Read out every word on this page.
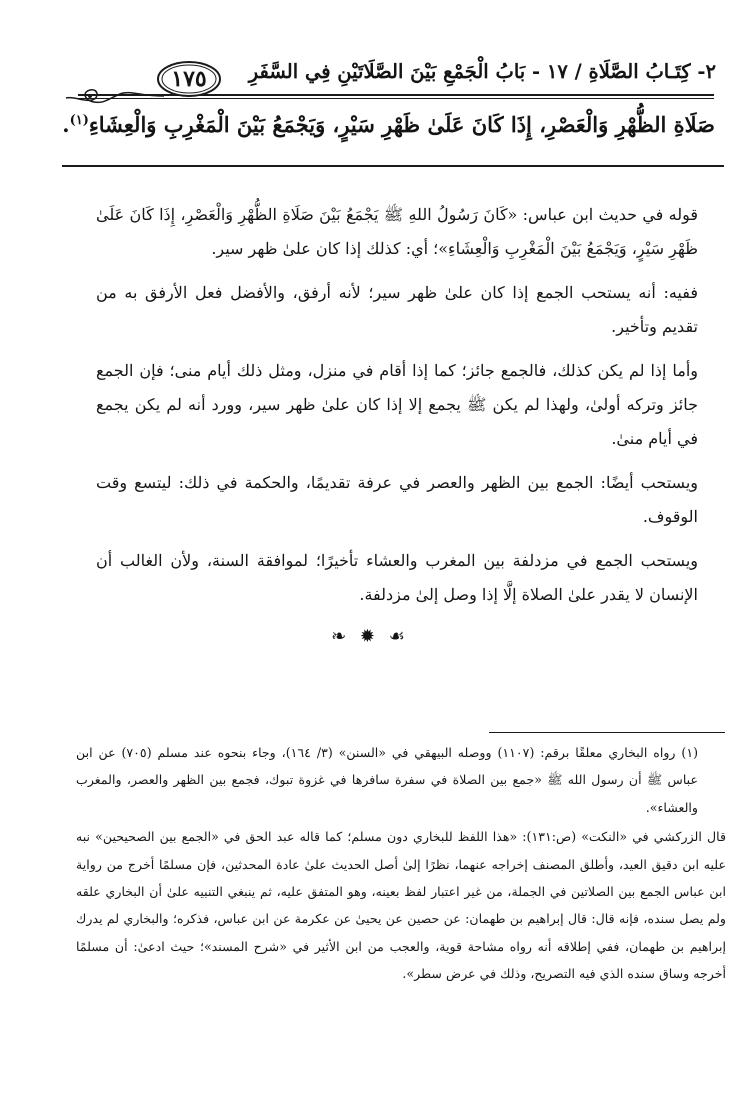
١٧٥	٢- كِتَـابُ الصَّلَاةِ / ١٧ - بَابُ الْجَمْعِ بَيْنَ الصَّلَاتَيْنِ فِي السَّفَرِ
صَلَاةِ الظُّهْرِ وَالْعَصْرِ، إِذَا كَانَ عَلَىٰ ظَهْرِ سَيْرٍ، وَيَجْمَعُ بَيْنَ الْمَغْرِبِ وَالْعِشَاءِ$^{(١)}$.

قوله في حديث ابن عباس: «كَانَ رَسُولُ اللهِ ﷺ يَجْمَعُ بَيْنَ صَلَاةِ الظُّهْرِ وَالْعَصْرِ، إِذَا كَانَ عَلَىٰ ظَهْرِ سَيْرٍ، وَيَجْمَعُ بَيْنَ الْمَغْرِبِ وَالْعِشَاءِ»؛ أي: كذلك إذا كان علىٰ ظهر سير.

ففيه: أنه يستحب الجمع إذا كان علىٰ ظهر سير؛ لأنه أرفق، والأفضل فعل الأرفق به من تقديم وتأخير.

وأما إذا لم يكن كذلك، فالجمع جائز؛ كما إذا أقام في منزل، ومثل ذلك أيام منى؛ فإن الجمع جائز وتركه أولىٰ، ولهذا لم يكن ﷺ يجمع إلا إذا كان علىٰ ظهر سير، وورد أنه لم يكن يجمع في أيام منىٰ.

ويستحب أيضًا: الجمع بين الظهر والعصر في عرفة تقديمًا، والحكمة في ذلك: ليتسع وقت الوقوف.

ويستحب الجمع في مزدلفة بين المغرب والعشاء تأخيرًا؛ لموافقة السنة، ولأن الغالب أن الإنسان لا يقدر علىٰ الصلاة إلَّا إذا وصل إلىٰ مزدلفة.

❧ ✹ ☙

(١) رواه البخاري معلقًا برقم: (١١٠٧) ووصله البيهقي في «السنن» (٣/ ١٦٤)، وجاء بنحوه عند مسلم (٧٠٥) عن ابن عباس ﷺ أن رسول الله ﷺ «جمع بين الصلاة في سفرة سافرها في غزوة تبوك، فجمع بين الظهر والعصر، والمغرب والعشاء».

قال الزركشي في «النكت» (ص:١٣١): «هذا اللفظ للبخاري دون مسلم؛ كما قاله عبد الحق في «الجمع بين الصحيحين» نبه عليه ابن دقيق العيد، وأطلق المصنف إخراجه عنهما، نظرًا إلىٰ أصل الحديث علىٰ عادة المحدثين، فإن مسلمًا أخرج من رواية ابن عباس الجمع بين الصلاتين في الجملة، من غير اعتبار لفظ بعينه، وهو المتفق عليه، ثم ينبغي التنبيه علىٰ أن البخاري علقه ولم يصل سنده، فإنه قال: قال إبراهيم بن طهمان: عن حصين عن يحيىٰ عن عكرمة عن ابن عباس، فذكره؛ والبخاري لم يدرك إبراهيم بن طهمان، ففي إطلاقه أنه رواه مشاحة قوية، والعجب من ابن الأثير في «شرح المسند»؛ حيث ادعىٰ: أن مسلمًا أخرجه وساق سنده الذي فيه التصريح، وذلك في عرض سطر».
